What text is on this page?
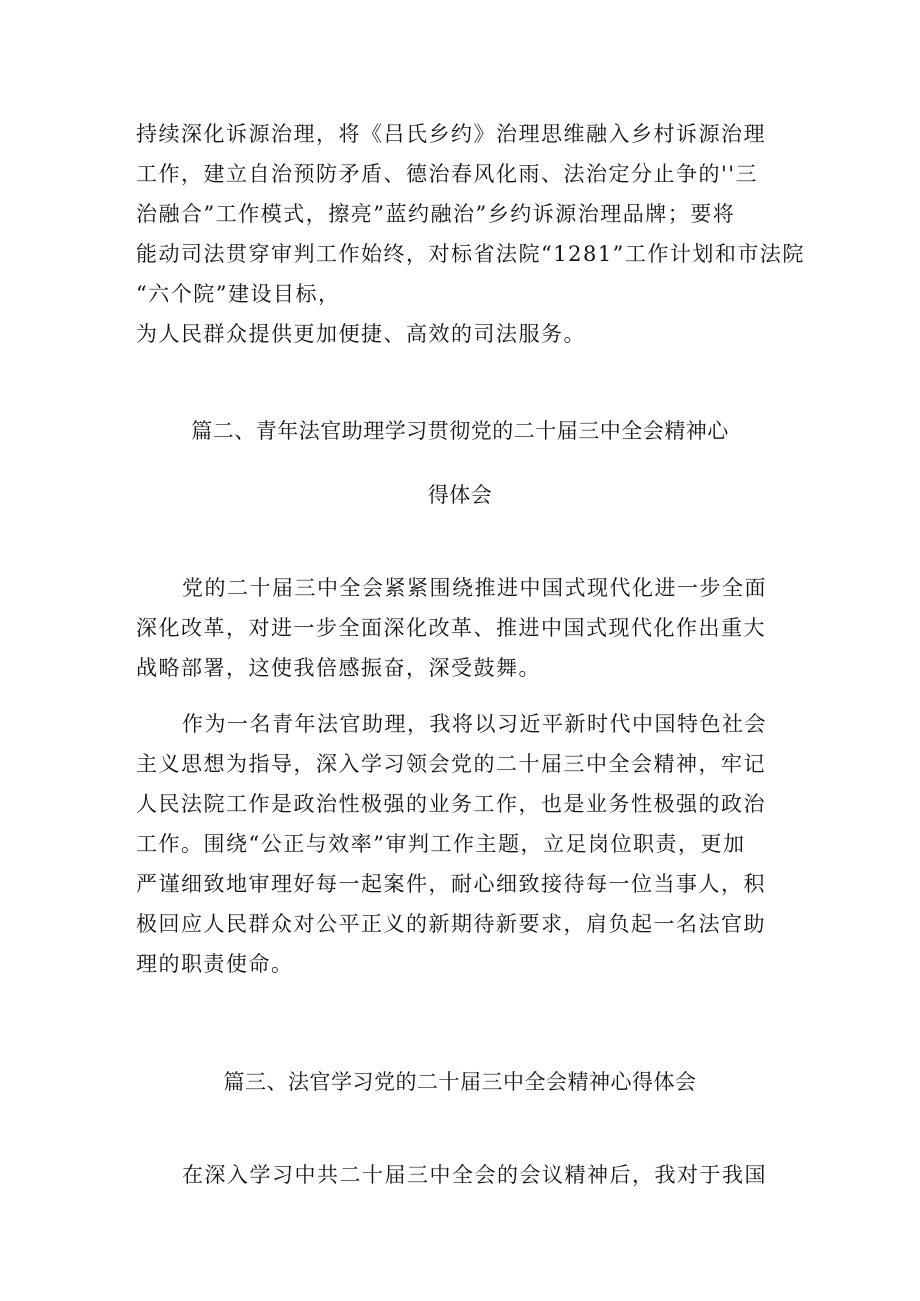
持续深化诉源治理，将《吕氏乡约》治理思维融入乡村诉源治理
工作，建立自治预防矛盾、德治春风化雨、法治定分止争的''三
治融合”工作模式，擦亮”蓝约融治”乡约诉源治理品牌；要将
能动司法贯穿审判工作始终，对标省法院“1281”工作计划和市法院
“六个院”建设目标，
为人民群众提供更加便捷、高效的司法服务。
篇二、青年法官助理学习贯彻党的二十届三中全会精神心
得体会
党的二十届三中全会紧紧围绕推进中国式现代化进一步全面
深化改革，对进一步全面深化改革、推进中国式现代化作出重大
战略部署，这使我倍感振奋，深受鼓舞。
作为一名青年法官助理，我将以习近平新时代中国特色社会
主义思想为指导，深入学习领会党的二十届三中全会精神，牢记
人民法院工作是政治性极强的业务工作，也是业务性极强的政治
工作。围绕“公正与效率”审判工作主题，立足岗位职责，更加
严谨细致地审理好每一起案件，耐心细致接待每一位当事人，积
极回应人民群众对公平正义的新期待新要求，肩负起一名法官助
理的职责使命。
篇三、法官学习党的二十届三中全会精神心得体会
在深入学习中共二十届三中全会的会议精神后，我对于我国
